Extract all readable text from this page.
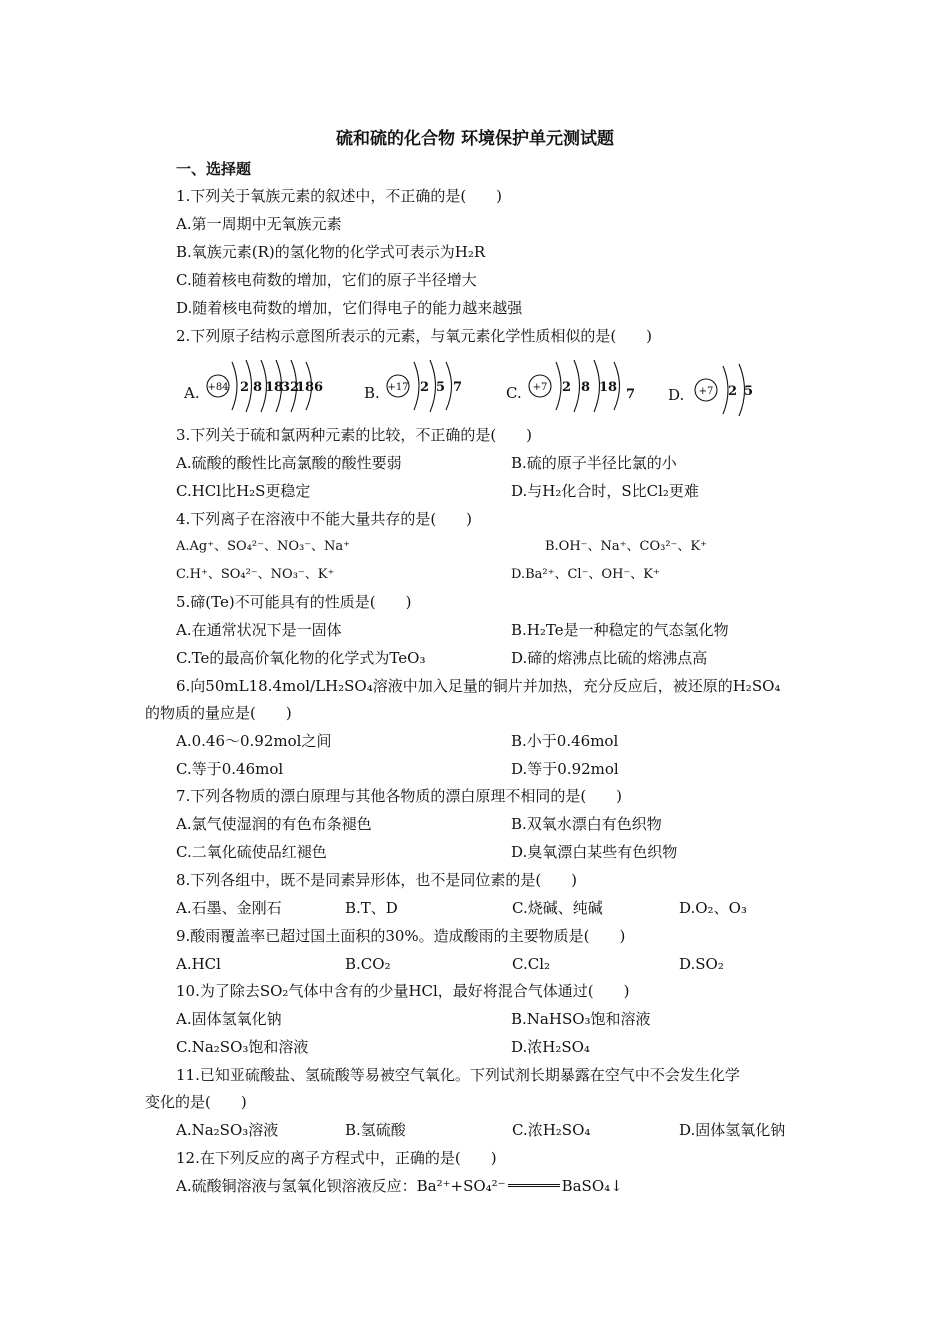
硫和硫的化合物 环境保护单元测试题
一、选择题
1.下列关于氧族元素的叙述中，不正确的是(　　)
A.第一周期中无氧族元素
B.氧族元素(R)的氢化物的化学式可表示为H₂R
C.随着核电荷数的增加，它们的原子半径增大
D.随着核电荷数的增加，它们得电子的能力越来越强
2.下列原子结构示意图所表示的元素，与氧元素化学性质相似的是(　　)
A. +84 2 8 18
32
18 6	B. +17 2 5 7	C. +7 2 8 18 7 D. +7 2 5
3.下列关于硫和氯两种元素的比较，不正确的是(　　)
A.硫酸的酸性比高氯酸的酸性要弱	B.硫的原子半径比氯的小
C.HCl比H₂S更稳定	D.与H₂化合时，S比Cl₂更难
4.下列离子在溶液中不能大量共存的是(　　)
A.Ag⁺、SO₄²⁻、NO₃⁻、Na⁺	B.OH⁻、Na⁺、CO₃²⁻、K⁺
C.H⁺、SO₄²⁻、NO₃⁻、K⁺	D.Ba²⁺、Cl⁻、OH⁻、K⁺
5.碲(Te)不可能具有的性质是(　　)
A.在通常状况下是一固体	B.H₂Te是一种稳定的气态氢化物
C.Te的最高价氧化物的化学式为TeO₃	D.碲的熔沸点比硫的熔沸点高
6.向50mL18.4mol/LH₂SO₄溶液中加入足量的铜片并加热，充分反应后，被还原的H₂SO₄
的物质的量应是(　　)
A.0.46～0.92mol之间	B.小于0.46mol
C.等于0.46mol	D.等于0.92mol
7.下列各物质的漂白原理与其他各物质的漂白原理不相同的是(　　)
A.氯气使湿润的有色布条褪色	B.双氧水漂白有色织物
C.二氧化硫使品红褪色	D.臭氧漂白某些有色织物
8.下列各组中，既不是同素异形体，也不是同位素的是(　　)
A.石墨、金刚石	B.T、D	C.烧碱、纯碱	D.O₂、O₃
9.酸雨覆盖率已超过国土面积的30%。造成酸雨的主要物质是(　　)
A.HCl	B.CO₂	C.Cl₂	D.SO₂
10.为了除去SO₂气体中含有的少量HCl，最好将混合气体通过(　　)
A.固体氢氧化钠	B.NaHSO₃饱和溶液
C.Na₂SO₃饱和溶液	D.浓H₂SO₄
11.已知亚硫酸盐、氢硫酸等易被空气氧化。下列试剂长期暴露在空气中不会发生化学
变化的是(　　)
A.Na₂SO₃溶液	B.氢硫酸	C.浓H₂SO₄	D.固体氢氧化钠
12.在下列反应的离子方程式中，正确的是(　　)
A.硫酸铜溶液与氢氧化钡溶液反应：Ba²⁺+SO₄²⁻	BaSO₄↓
